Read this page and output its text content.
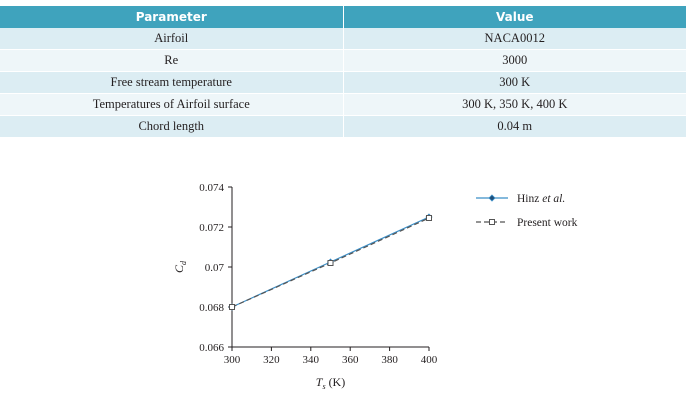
Parameter	Value
Airfoil	NACA0012
Re	3000
Free stream temperature	300 K
Temperatures of Airfoil surface	300 K, 350 K, 400 K
Chord length	0.04 m
0.066
0.068
0.07
0.072
0.074
300 320 340 360 380 400
$T_s$ (K)
$C_d$
Hinz et al.
Present work
